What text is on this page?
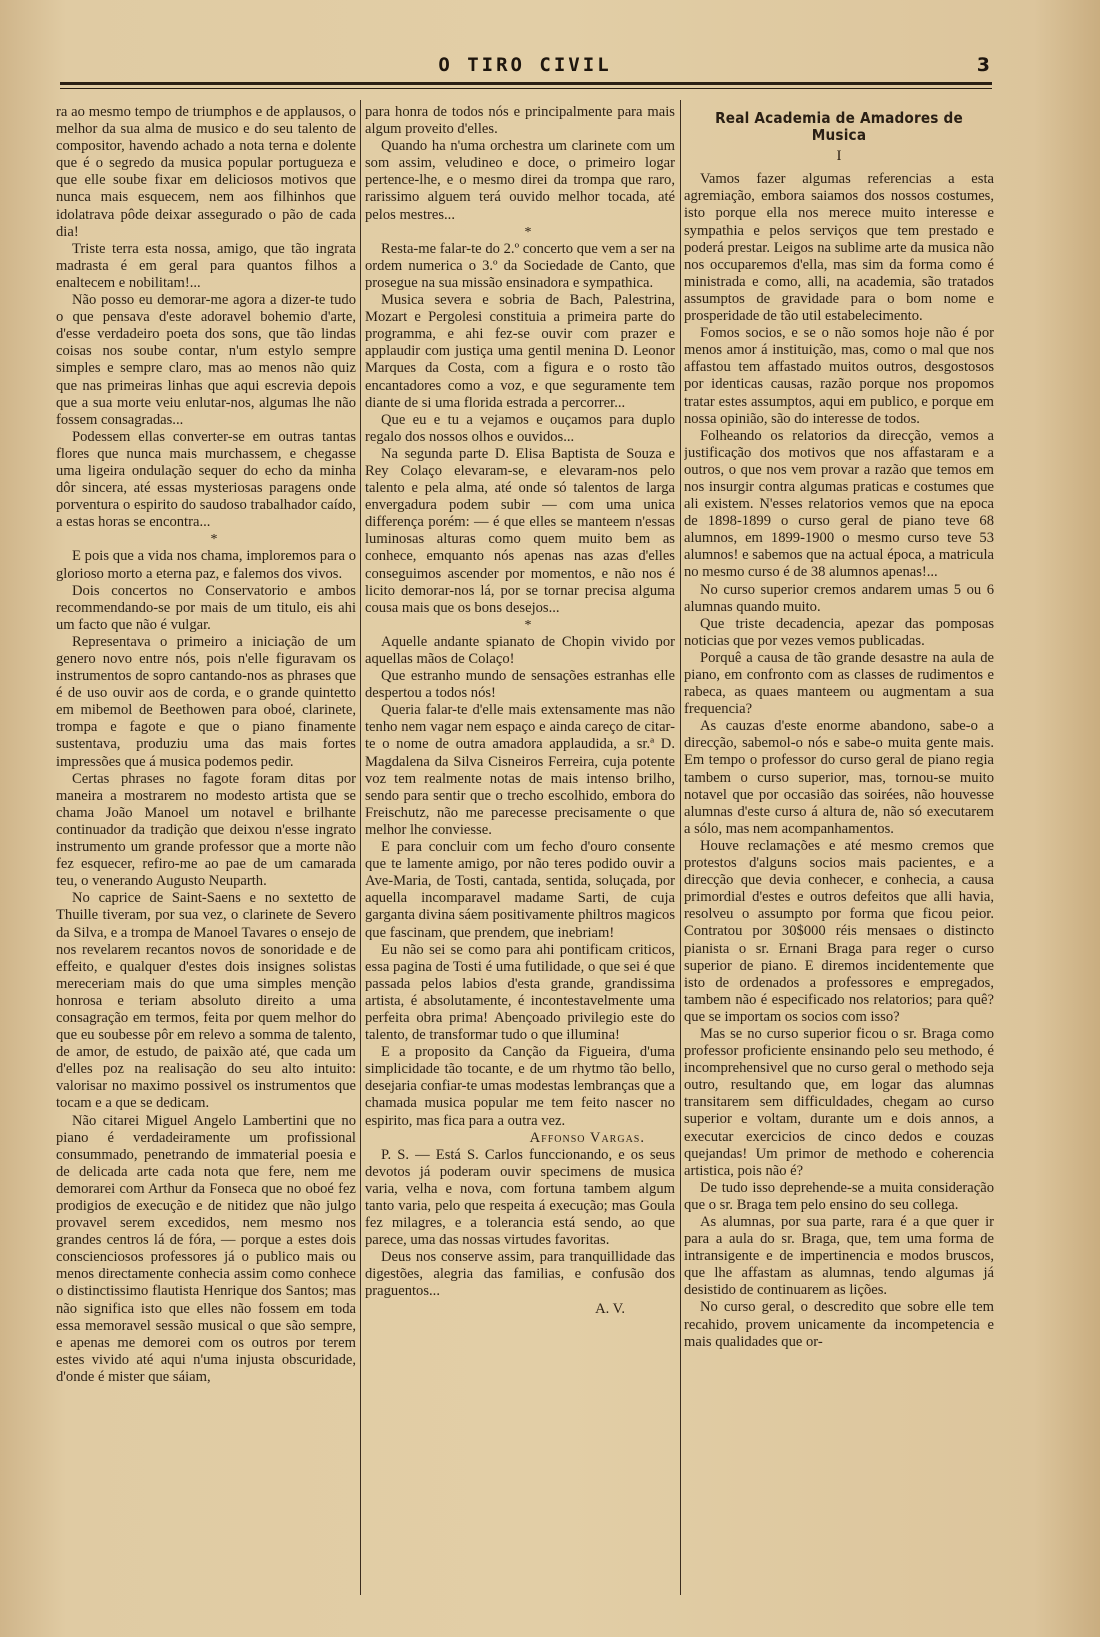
O TIRO CIVIL	3

ra ao mesmo tempo de triumphos e de applausos, o melhor da sua alma de musico e do seu talento de compositor, havendo achado a nota terna e dolente que é o segredo da musica popular portugueza e que elle soube fixar em deliciosos motivos que nunca mais esquecem, nem aos filhinhos que idolatrava pôde deixar assegurado o pão de cada dia!

Triste terra esta nossa, amigo, que tão ingrata madrasta é em geral para quantos filhos a enaltecem e nobilitam!...

Não posso eu demorar-me agora a dizer-te tudo o que pensava d'este adoravel bohemio d'arte, d'esse verdadeiro poeta dos sons, que tão lindas coisas nos soube contar, n'um estylo sempre simples e sempre claro, mas ao menos não quiz que nas primeiras linhas que aqui escrevia depois que a sua morte veiu enlutar-nos, algumas lhe não fossem consagradas...

Podessem ellas converter-se em outras tantas flores que nunca mais murchassem, e chegasse uma ligeira ondulação sequer do echo da minha dôr sincera, até essas mysteriosas paragens onde porventura o espirito do saudoso trabalhador caído, a estas horas se encontra...

*

E pois que a vida nos chama, imploremos para o glorioso morto a eterna paz, e falemos dos vivos.

Dois concertos no Conservatorio e ambos recommendando-se por mais de um titulo, eis ahi um facto que não é vulgar.

Representava o primeiro a iniciação de um genero novo entre nós, pois n'elle figuravam os instrumentos de sopro cantando-nos as phrases que é de uso ouvir aos de corda, e o grande quintetto em mibemol de Beethowen para oboé, clarinete, trompa e fagote e que o piano finamente sustentava, produziu uma das mais fortes impressões que á musica podemos pedir.

Certas phrases no fagote foram ditas por maneira a mostrarem no modesto artista que se chama João Manoel um notavel e brilhante continuador da tradição que deixou n'esse ingrato instrumento um grande professor que a morte não fez esquecer, refiro-me ao pae de um camarada teu, o venerando Augusto Neuparth.

No caprice de Saint-Saens e no sextetto de Thuille tiveram, por sua vez, o clarinete de Severo da Silva, e a trompa de Manoel Tavares o ensejo de nos revelarem recantos novos de sonoridade e de effeito, e qualquer d'estes dois insignes solistas mereceriam mais do que uma simples menção honrosa e teriam absoluto direito a uma consagração em termos, feita por quem melhor do que eu soubesse pôr em relevo a somma de talento, de amor, de estudo, de paixão até, que cada um d'elles poz na realisação do seu alto intuito: valorisar no maximo possivel os instrumentos que tocam e a que se dedicam.

Não citarei Miguel Angelo Lambertini que no piano é verdadeiramente um profissional consummado, penetrando de immaterial poesia e de delicada arte cada nota que fere, nem me demorarei com Arthur da Fonseca que no oboé fez prodigios de execução e de nitidez que não julgo provavel serem excedidos, nem mesmo nos grandes centros lá de fóra, — porque a estes dois conscienciosos professores já o publico mais ou menos directamente conhecia assim como conhece o distinctissimo flautista Henrique dos Santos; mas não significa isto que elles não fossem em toda essa memoravel sessão musical o que são sempre, e apenas me demorei com os outros por terem estes vivido até aqui n'uma injusta obscuridade, d'onde é mister que sáiam,

para honra de todos nós e principalmente para mais algum proveito d'elles.

Quando ha n'uma orchestra um clarinete com um som assim, veludineo e doce, o primeiro logar pertence-lhe, e o mesmo direi da trompa que raro, rarissimo alguem terá ouvido melhor tocada, até pelos mestres...

*

Resta-me falar-te do 2.º concerto que vem a ser na ordem numerica o 3.º da Sociedade de Canto, que prosegue na sua missão ensinadora e sympathica.

Musica severa e sobria de Bach, Palestrina, Mozart e Pergolesi constituia a primeira parte do programma, e ahi fez-se ouvir com prazer e applaudir com justiça uma gentil menina D. Leonor Marques da Costa, com a figura e o rosto tão encantadores como a voz, e que seguramente tem diante de si uma florida estrada a percorrer...

Que eu e tu a vejamos e ouçamos para duplo regalo dos nossos olhos e ouvidos...

Na segunda parte D. Elisa Baptista de Souza e Rey Colaço elevaram-se, e elevaram-nos pelo talento e pela alma, até onde só talentos de larga envergadura podem subir — com uma unica differença porém: — é que elles se manteem n'essas luminosas alturas como quem muito bem as conhece, emquanto nós apenas nas azas d'elles conseguimos ascender por momentos, e não nos é licito demorar-nos lá, por se tornar precisa alguma cousa mais que os bons desejos...

*

Aquelle andante spianato de Chopin vivido por aquellas mãos de Colaço!

Que estranho mundo de sensações estranhas elle despertou a todos nós!

Queria falar-te d'elle mais extensamente mas não tenho nem vagar nem espaço e ainda careço de citar-te o nome de outra amadora applaudida, a sr.ª D. Magdalena da Silva Cisneiros Ferreira, cuja potente voz tem realmente notas de mais intenso brilho, sendo para sentir que o trecho escolhido, embora do Freischutz, não me parecesse precisamente o que melhor lhe conviesse.

E para concluir com um fecho d'ouro consente que te lamente amigo, por não teres podido ouvir a Ave-Maria, de Tosti, cantada, sentida, soluçada, por aquella incomparavel madame Sarti, de cuja garganta divina sáem positivamente philtros magicos que fascinam, que prendem, que inebriam!

Eu não sei se como para ahi pontificam criticos, essa pagina de Tosti é uma futilidade, o que sei é que passada pelos labios d'esta grande, grandissima artista, é absolutamente, é incontestavelmente uma perfeita obra prima! Abençoado privilegio este do talento, de transformar tudo o que illumina!

E a proposito da Canção da Figueira, d'uma simplicidade tão tocante, e de um rhytmo tão bello, desejaria confiar-te umas modestas lembranças que a chamada musica popular me tem feito nascer no espirito, mas fica para a outra vez.

Affonso Vargas.

P. S. — Está S. Carlos funccionando, e os seus devotos já poderam ouvir specimens de musica varia, velha e nova, com fortuna tambem algum tanto varia, pelo que respeita á execução; mas Goula fez milagres, e a tolerancia está sendo, ao que parece, uma das nossas virtudes favoritas.

Deus nos conserve assim, para tranquillidade das digestões, alegria das familias, e confusão dos praguentos...

A. V.

Real Academia de Amadores de Musica
I

Vamos fazer algumas referencias a esta agremiação, embora saiamos dos nossos costumes, isto porque ella nos merece muito interesse e sympathia e pelos serviços que tem prestado e poderá prestar. Leigos na sublime arte da musica não nos occuparemos d'ella, mas sim da forma como é ministrada e como, alli, na academia, são tratados assumptos de gravidade para o bom nome e prosperidade de tão util estabelecimento.

Fomos socios, e se o não somos hoje não é por menos amor á instituição, mas, como o mal que nos affastou tem affastado muitos outros, desgostosos por identicas causas, razão porque nos propomos tratar estes assumptos, aqui em publico, e porque em nossa opinião, são do interesse de todos.

Folheando os relatorios da direcção, vemos a justificação dos motivos que nos affastaram e a outros, o que nos vem provar a razão que temos em nos insurgir contra algumas praticas e costumes que ali existem. N'esses relatorios vemos que na epoca de 1898-1899 o curso geral de piano teve 68 alumnos, em 1899-1900 o mesmo curso teve 53 alumnos! e sabemos que na actual época, a matricula no mesmo curso é de 38 alumnos apenas!...

No curso superior cremos andarem umas 5 ou 6 alumnas quando muito.

Que triste decadencia, apezar das pomposas noticias que por vezes vemos publicadas.

Porquê a causa de tão grande desastre na aula de piano, em confronto com as classes de rudimentos e rabeca, as quaes manteem ou augmentam a sua frequencia?

As cauzas d'este enorme abandono, sabe-o a direcção, sabemol-o nós e sabe-o muita gente mais. Em tempo o professor do curso geral de piano regia tambem o curso superior, mas, tornou-se muito notavel que por occasião das soirées, não houvesse alumnas d'este curso á altura de, não só executarem a sólo, mas nem acompanhamentos.

Houve reclamações e até mesmo cremos que protestos d'alguns socios mais pacientes, e a direcção que devia conhecer, e conhecia, a causa primordial d'estes e outros defeitos que alli havia, resolveu o assumpto por forma que ficou peior. Contratou por 30$000 réis mensaes o distincto pianista o sr. Ernani Braga para reger o curso superior de piano. E diremos incidentemente que isto de ordenados a professores e empregados, tambem não é especificado nos relatorios; para quê? que se importam os socios com isso?

Mas se no curso superior ficou o sr. Braga como professor proficiente ensinando pelo seu methodo, é incomprehensivel que no curso geral o methodo seja outro, resultando que, em logar das alumnas transitarem sem difficuldades, chegam ao curso superior e voltam, durante um e dois annos, a executar exercicios de cinco dedos e couzas quejandas! Um primor de methodo e coherencia artistica, pois não é?

De tudo isso deprehende-se a muita consideração que o sr. Braga tem pelo ensino do seu collega.

As alumnas, por sua parte, rara é a que quer ir para a aula do sr. Braga, que, tem uma forma de intransigente e de impertinencia e modos bruscos, que lhe affastam as alumnas, tendo algumas já desistido de continuarem as lições.

No curso geral, o descredito que sobre elle tem recahido, provem unicamente da incompetencia e mais qualidades que or-
